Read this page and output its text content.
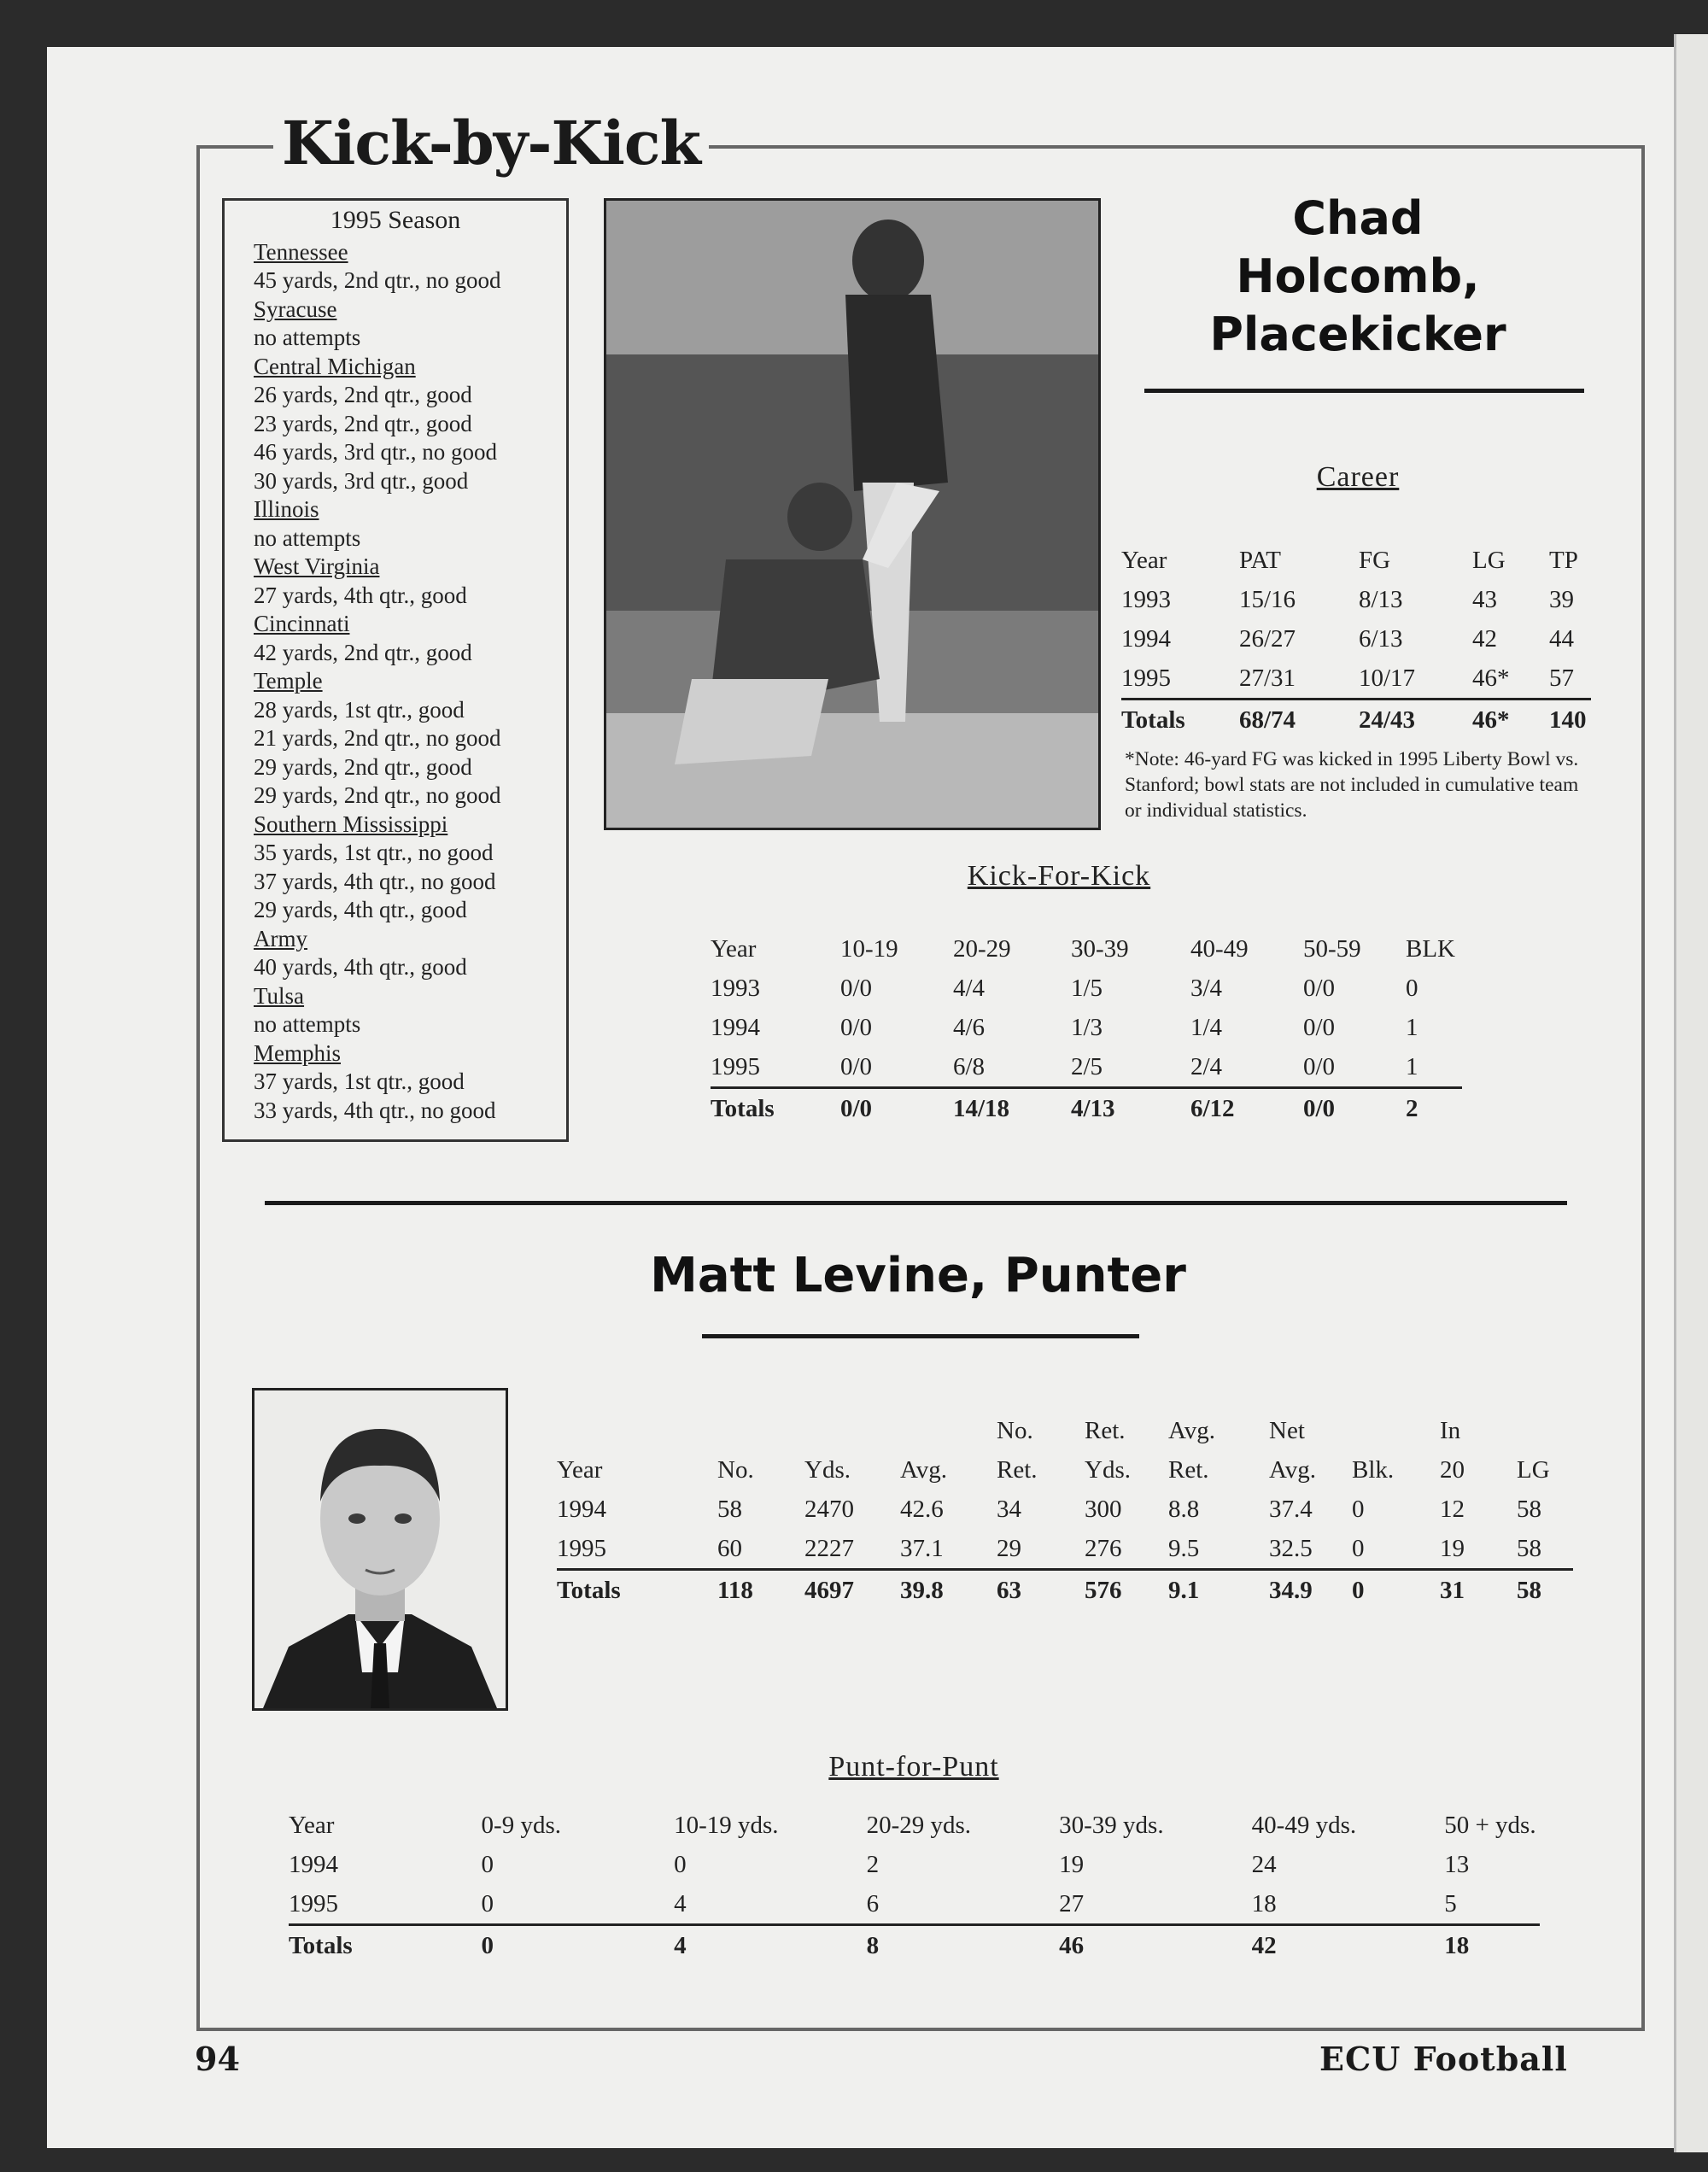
Kick-by-Kick
1995 Season
Tennessee
45 yards, 2nd qtr., no good
Syracuse
no attempts
Central Michigan
26 yards, 2nd qtr., good
23 yards, 2nd qtr., good
46 yards, 3rd qtr., no good
30 yards, 3rd qtr., good
Illinois
no attempts
West Virginia
27 yards, 4th qtr., good
Cincinnati
42 yards, 2nd qtr., good
Temple
28 yards, 1st qtr., good
21 yards, 2nd qtr., no good
29 yards, 2nd qtr., good
29 yards, 2nd qtr., no good
Southern Mississippi
35 yards, 1st qtr., no good
37 yards, 4th qtr., no good
29 yards, 4th qtr., good
Army
40 yards, 4th qtr., good
Tulsa
no attempts
Memphis
37 yards, 1st qtr., good
33 yards, 4th qtr., no good
Chad
Holcomb,
Placekicker
Career
Year	PAT	FG	LG	TP
1993	15/16	8/13	43	39
1994	26/27	6/13	42	44
1995	27/31	10/17	46*	57
Totals	68/74	24/43	46*	140
*Note: 46-yard FG was kicked in 1995 Liberty Bowl vs. Stanford; bowl stats are not included in cumulative team or individual statistics.
Kick-For-Kick
Year	10-19	20-29	30-39	40-49	50-59	BLK
1993	0/0	4/4	1/5	3/4	0/0	0
1994	0/0	4/6	1/3	1/4	0/0	1
1995	0/0	6/8	2/5	2/4	0/0	1
Totals	0/0	14/18	4/13	6/12	0/0	2
Matt Levine, Punter
				No.	Ret.	Avg.	Net		In	
Year	No.	Yds.	Avg.	Ret.	Yds.	Ret.	Avg.	Blk.	20	LG
1994	58	2470	42.6	34	300	8.8	37.4	0	12	58
1995	60	2227	37.1	29	276	9.5	32.5	0	19	58
Totals	118	4697	39.8	63	576	9.1	34.9	0	31	58
Punt-for-Punt
Year	0-9 yds.	10-19 yds.	20-29 yds.	30-39 yds.	40-49 yds.	50 + yds.
1994	0	0	2	19	24	13
1995	0	4	6	27	18	5
Totals	0	4	8	46	42	18
94	ECU Football
